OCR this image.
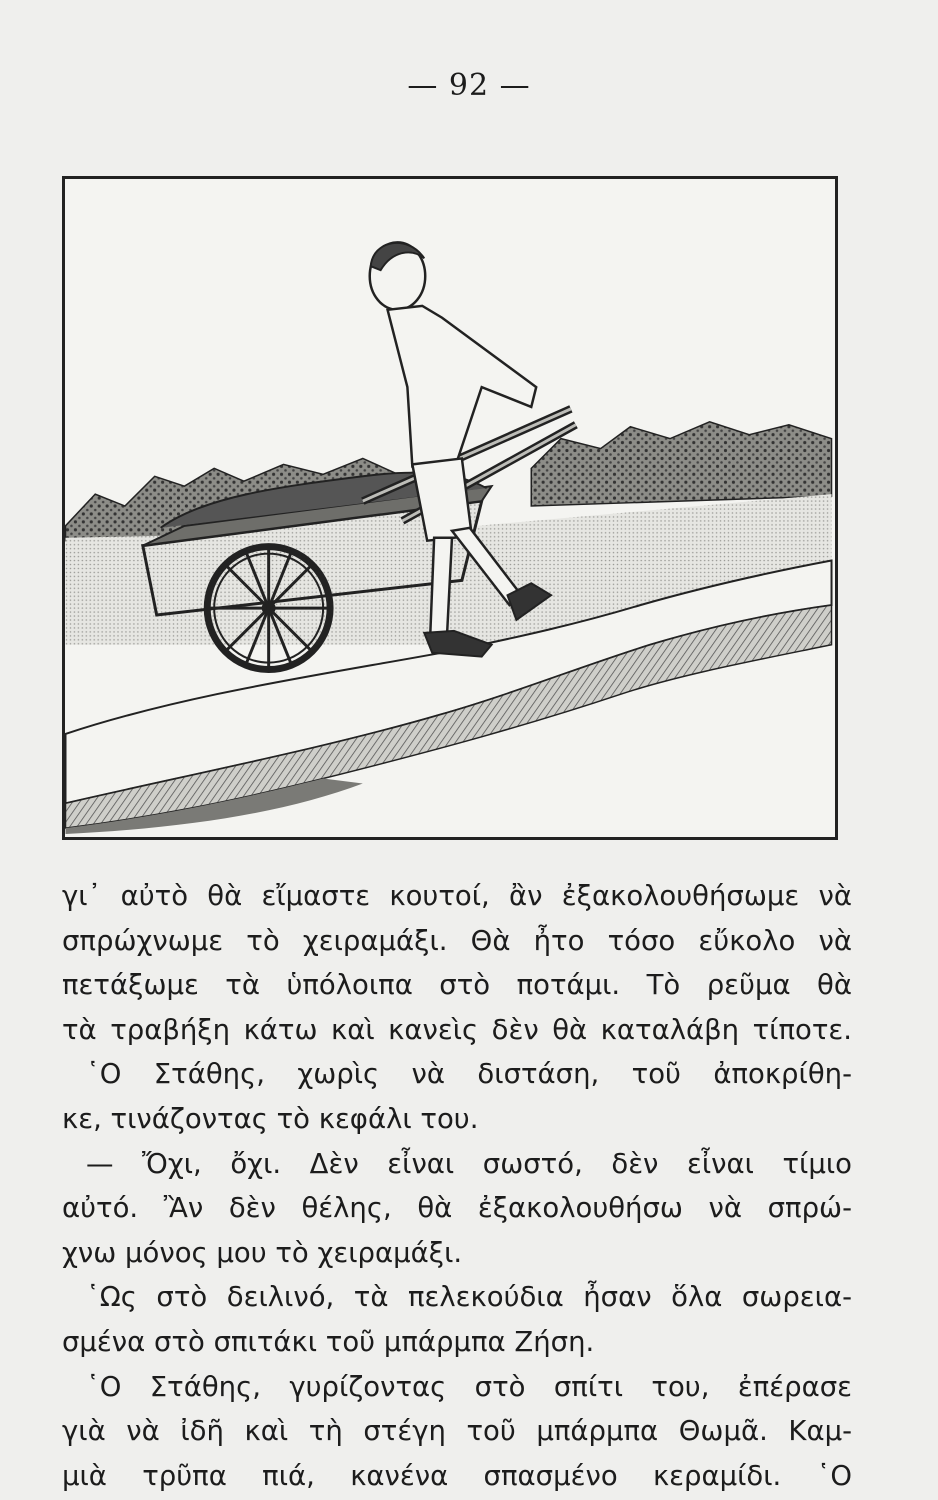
— 92 —
γι᾽ αὐτὸ θὰ εἴμαστε κουτοί, ἂν ἐξακολουθήσωμε νὰ
σπρώχνωμε τὸ χειραμάξι. Θὰ ἦτο τόσο εὔκολο νὰ
πετάξωμε τὰ ὑπόλοιπα στὸ ποτάμι. Τὸ ρεῦμα θὰ
τὰ τραβήξη κάτω καὶ κανεὶς δὲν θὰ καταλάβη τίποτε.
῾Ο Στάθης, χωρὶς νὰ διστάση, τοῦ ἀποκρίθη-
κε, τινάζοντας τὸ κεφάλι του.
— Ὄχι, ὄχι. Δὲν εἶναι σωστό, δὲν εἶναι τίμιο
αὐτό. Ἂν δὲν θέλης, θὰ ἐξακολουθήσω νὰ σπρώ-
χνω μόνος μου τὸ χειραμάξι.
῾Ως στὸ δειλινό, τὰ πελεκούδια ἦσαν ὅλα σωρεια-
σμένα στὸ σπιτάκι τοῦ μπάρμπα Ζήση.
῾Ο Στάθης, γυρίζοντας στὸ σπίτι του, ἐπέρασε
γιὰ νὰ ἰδῆ καὶ τὴ στέγη τοῦ μπάρμπα Θωμᾶ. Καμ-
μιὰ τρῦπα πιά, κανένα σπασμένο κεραμίδι. ῾Ο
